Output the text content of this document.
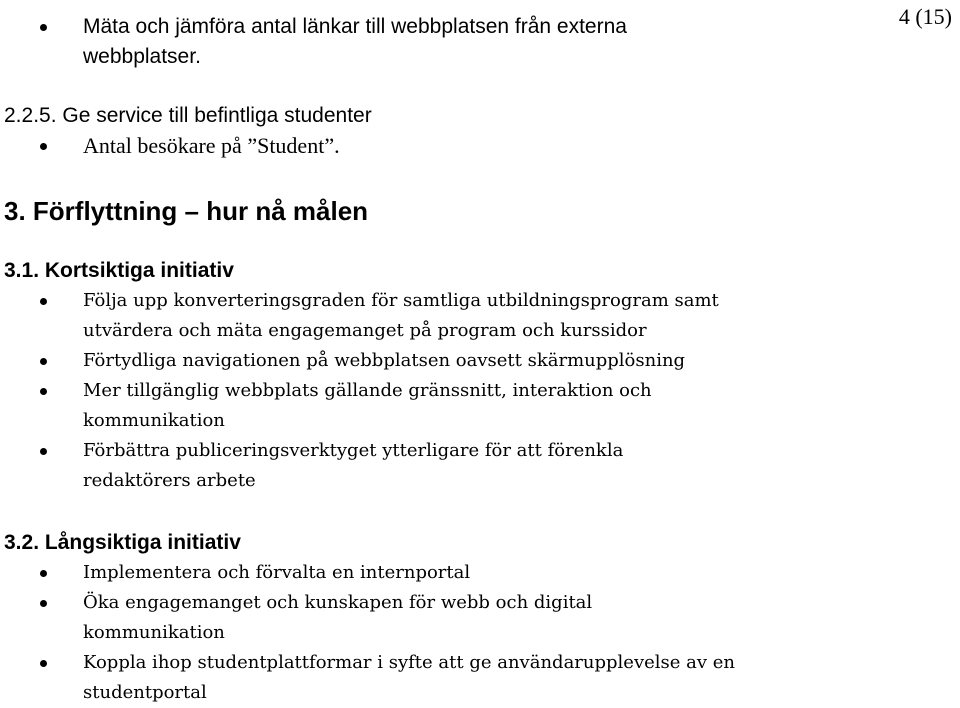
4 (15)
Mäta och jämföra antal länkar till webbplatsen från externa webbplatser.
2.2.5. Ge service till befintliga studenter
Antal besökare på ”Student”.
3. Förflyttning – hur nå målen
3.1. Kortsiktiga initiativ
Följa upp konverteringsgraden för samtliga utbildningsprogram samt utvärdera och mäta engagemanget på program och kurssidor
Förtydliga navigationen på webbplatsen oavsett skärmupplösning
Mer tillgänglig webbplats gällande gränssnitt, interaktion och kommunikation
Förbättra publiceringsverktyget ytterligare för att förenkla redaktörers arbete
3.2. Långsiktiga initiativ
Implementera och förvalta en internportal
Öka engagemanget och kunskapen för webb och digital kommunikation
Koppla ihop studentplattformar i syfte att ge användarupplevelse av en studentportal
